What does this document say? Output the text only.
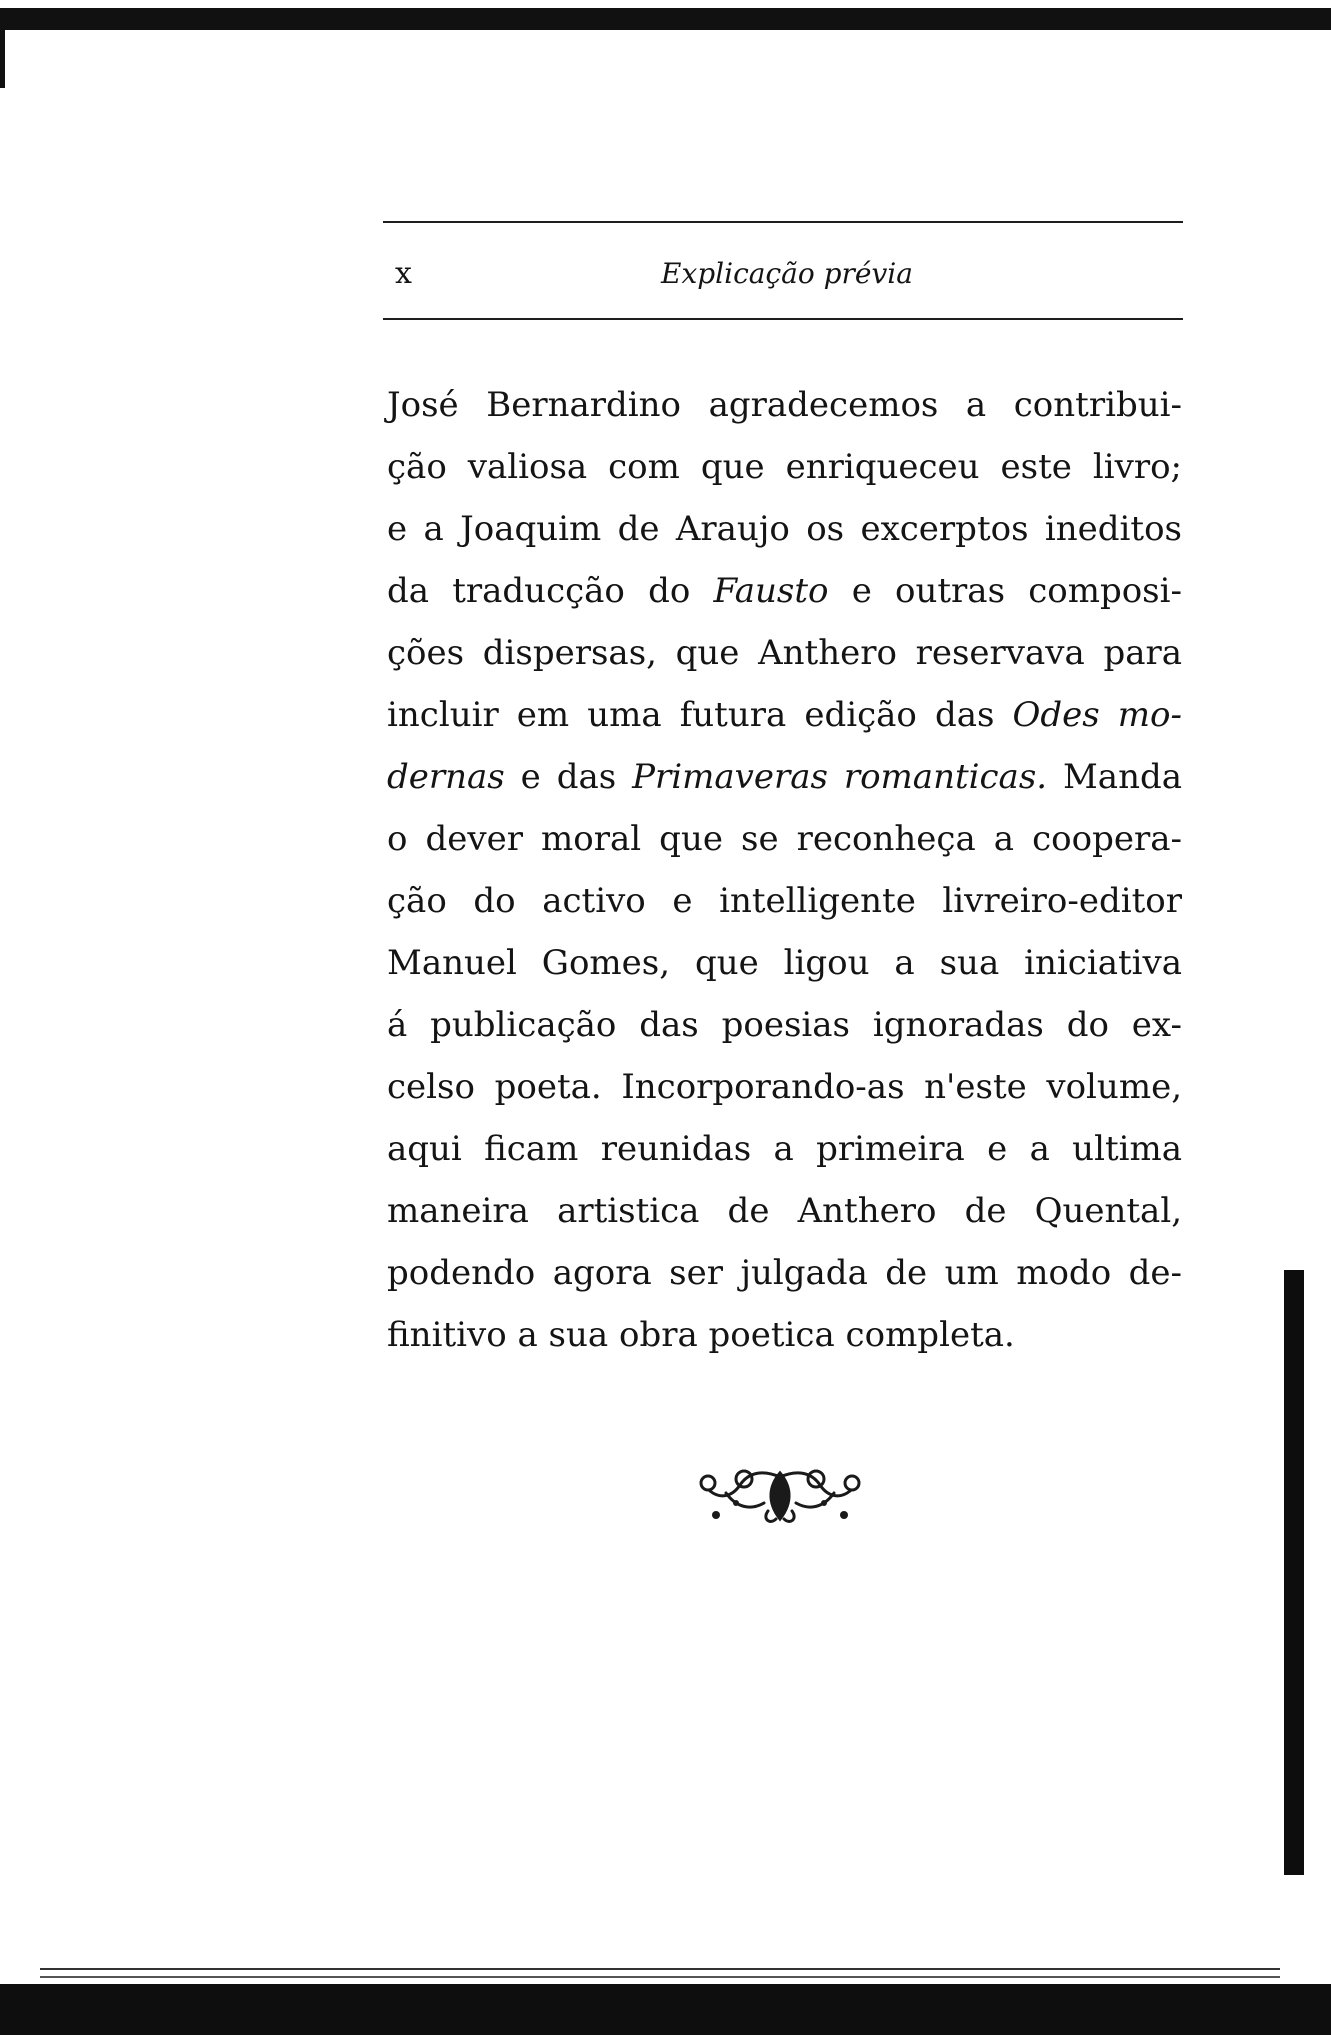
x	Explicação prévia
José Bernardino agradecemos a contribui-
ção valiosa com que enriqueceu este livro;
e a Joaquim de Araujo os excerptos ineditos
da traducção do Fausto e outras composi-
ções dispersas, que Anthero reservava para
incluir em uma futura edição das Odes mo-
dernas e das Primaveras romanticas. Manda
o dever moral que se reconheça a coopera-
ção do activo e intelligente livreiro-editor
Manuel Gomes, que ligou a sua iniciativa
á publicação das poesias ignoradas do ex-
celso poeta. Incorporando-as n'este volume,
aqui ficam reunidas a primeira e a ultima
maneira artistica de Anthero de Quental,
podendo agora ser julgada de um modo de-
finitivo a sua obra poetica completa.
